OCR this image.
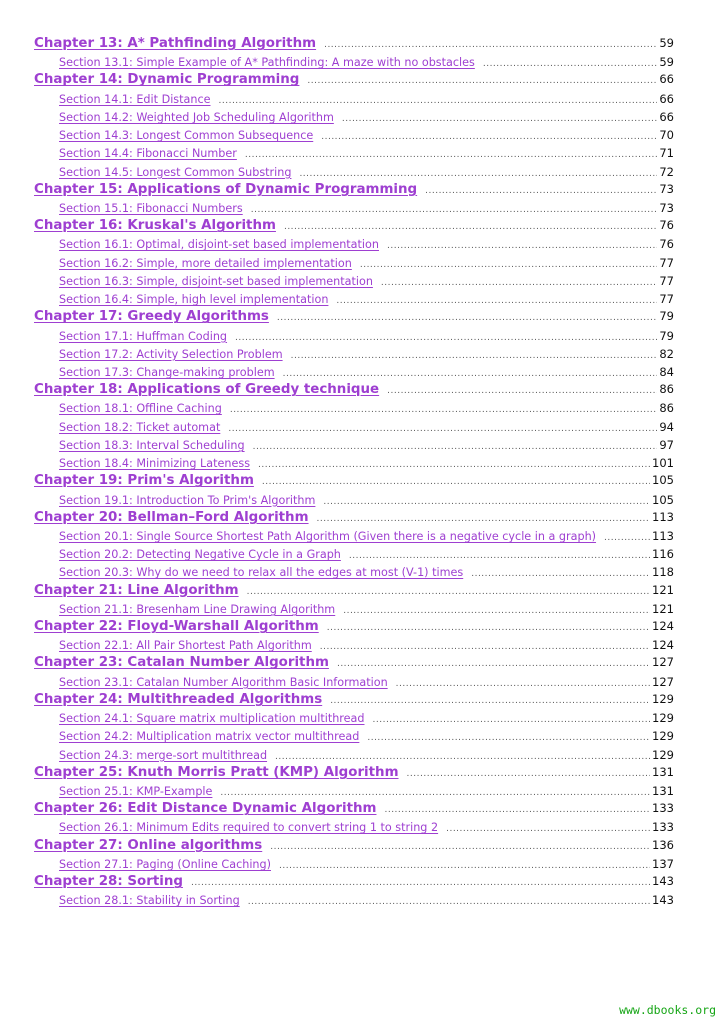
Chapter 13: A* Pathfinding Algorithm .....	59
Section 13.1: Simple Example of A* Pathfinding: A maze with no obstacles .....	59
Chapter 14: Dynamic Programming .....	66
Section 14.1: Edit Distance .....	66
Section 14.2: Weighted Job Scheduling Algorithm .....	66
Section 14.3: Longest Common Subsequence .....	70
Section 14.4: Fibonacci Number .....	71
Section 14.5: Longest Common Substring .....	72
Chapter 15: Applications of Dynamic Programming .....	73
Section 15.1: Fibonacci Numbers .....	73
Chapter 16: Kruskal's Algorithm .....	76
Section 16.1: Optimal, disjoint-set based implementation .....	76
Section 16.2: Simple, more detailed implementation .....	77
Section 16.3: Simple, disjoint-set based implementation .....	77
Section 16.4: Simple, high level implementation .....	77
Chapter 17: Greedy Algorithms .....	79
Section 17.1: Huffman Coding .....	79
Section 17.2: Activity Selection Problem .....	82
Section 17.3: Change-making problem .....	84
Chapter 18: Applications of Greedy technique .....	86
Section 18.1: Offline Caching .....	86
Section 18.2: Ticket automat .....	94
Section 18.3: Interval Scheduling .....	97
Section 18.4: Minimizing Lateness .....	101
Chapter 19: Prim's Algorithm .....	105
Section 19.1: Introduction To Prim's Algorithm .....	105
Chapter 20: Bellman–Ford Algorithm .....	113
Section 20.1: Single Source Shortest Path Algorithm (Given there is a negative cycle in a graph) .....	113
Section 20.2: Detecting Negative Cycle in a Graph .....	116
Section 20.3: Why do we need to relax all the edges at most (V-1) times .....	118
Chapter 21: Line Algorithm .....	121
Section 21.1: Bresenham Line Drawing Algorithm .....	121
Chapter 22: Floyd-Warshall Algorithm .....	124
Section 22.1: All Pair Shortest Path Algorithm .....	124
Chapter 23: Catalan Number Algorithm .....	127
Section 23.1: Catalan Number Algorithm Basic Information .....	127
Chapter 24: Multithreaded Algorithms .....	129
Section 24.1: Square matrix multiplication multithread .....	129
Section 24.2: Multiplication matrix vector multithread .....	129
Section 24.3: merge-sort multithread .....	129
Chapter 25: Knuth Morris Pratt (KMP) Algorithm .....	131
Section 25.1: KMP-Example .....	131
Chapter 26: Edit Distance Dynamic Algorithm .....	133
Section 26.1: Minimum Edits required to convert string 1 to string 2 .....	133
Chapter 27: Online algorithms .....	136
Section 27.1: Paging (Online Caching) .....	137
Chapter 28: Sorting .....	143
Section 28.1: Stability in Sorting .....	143
www.dbooks.org
